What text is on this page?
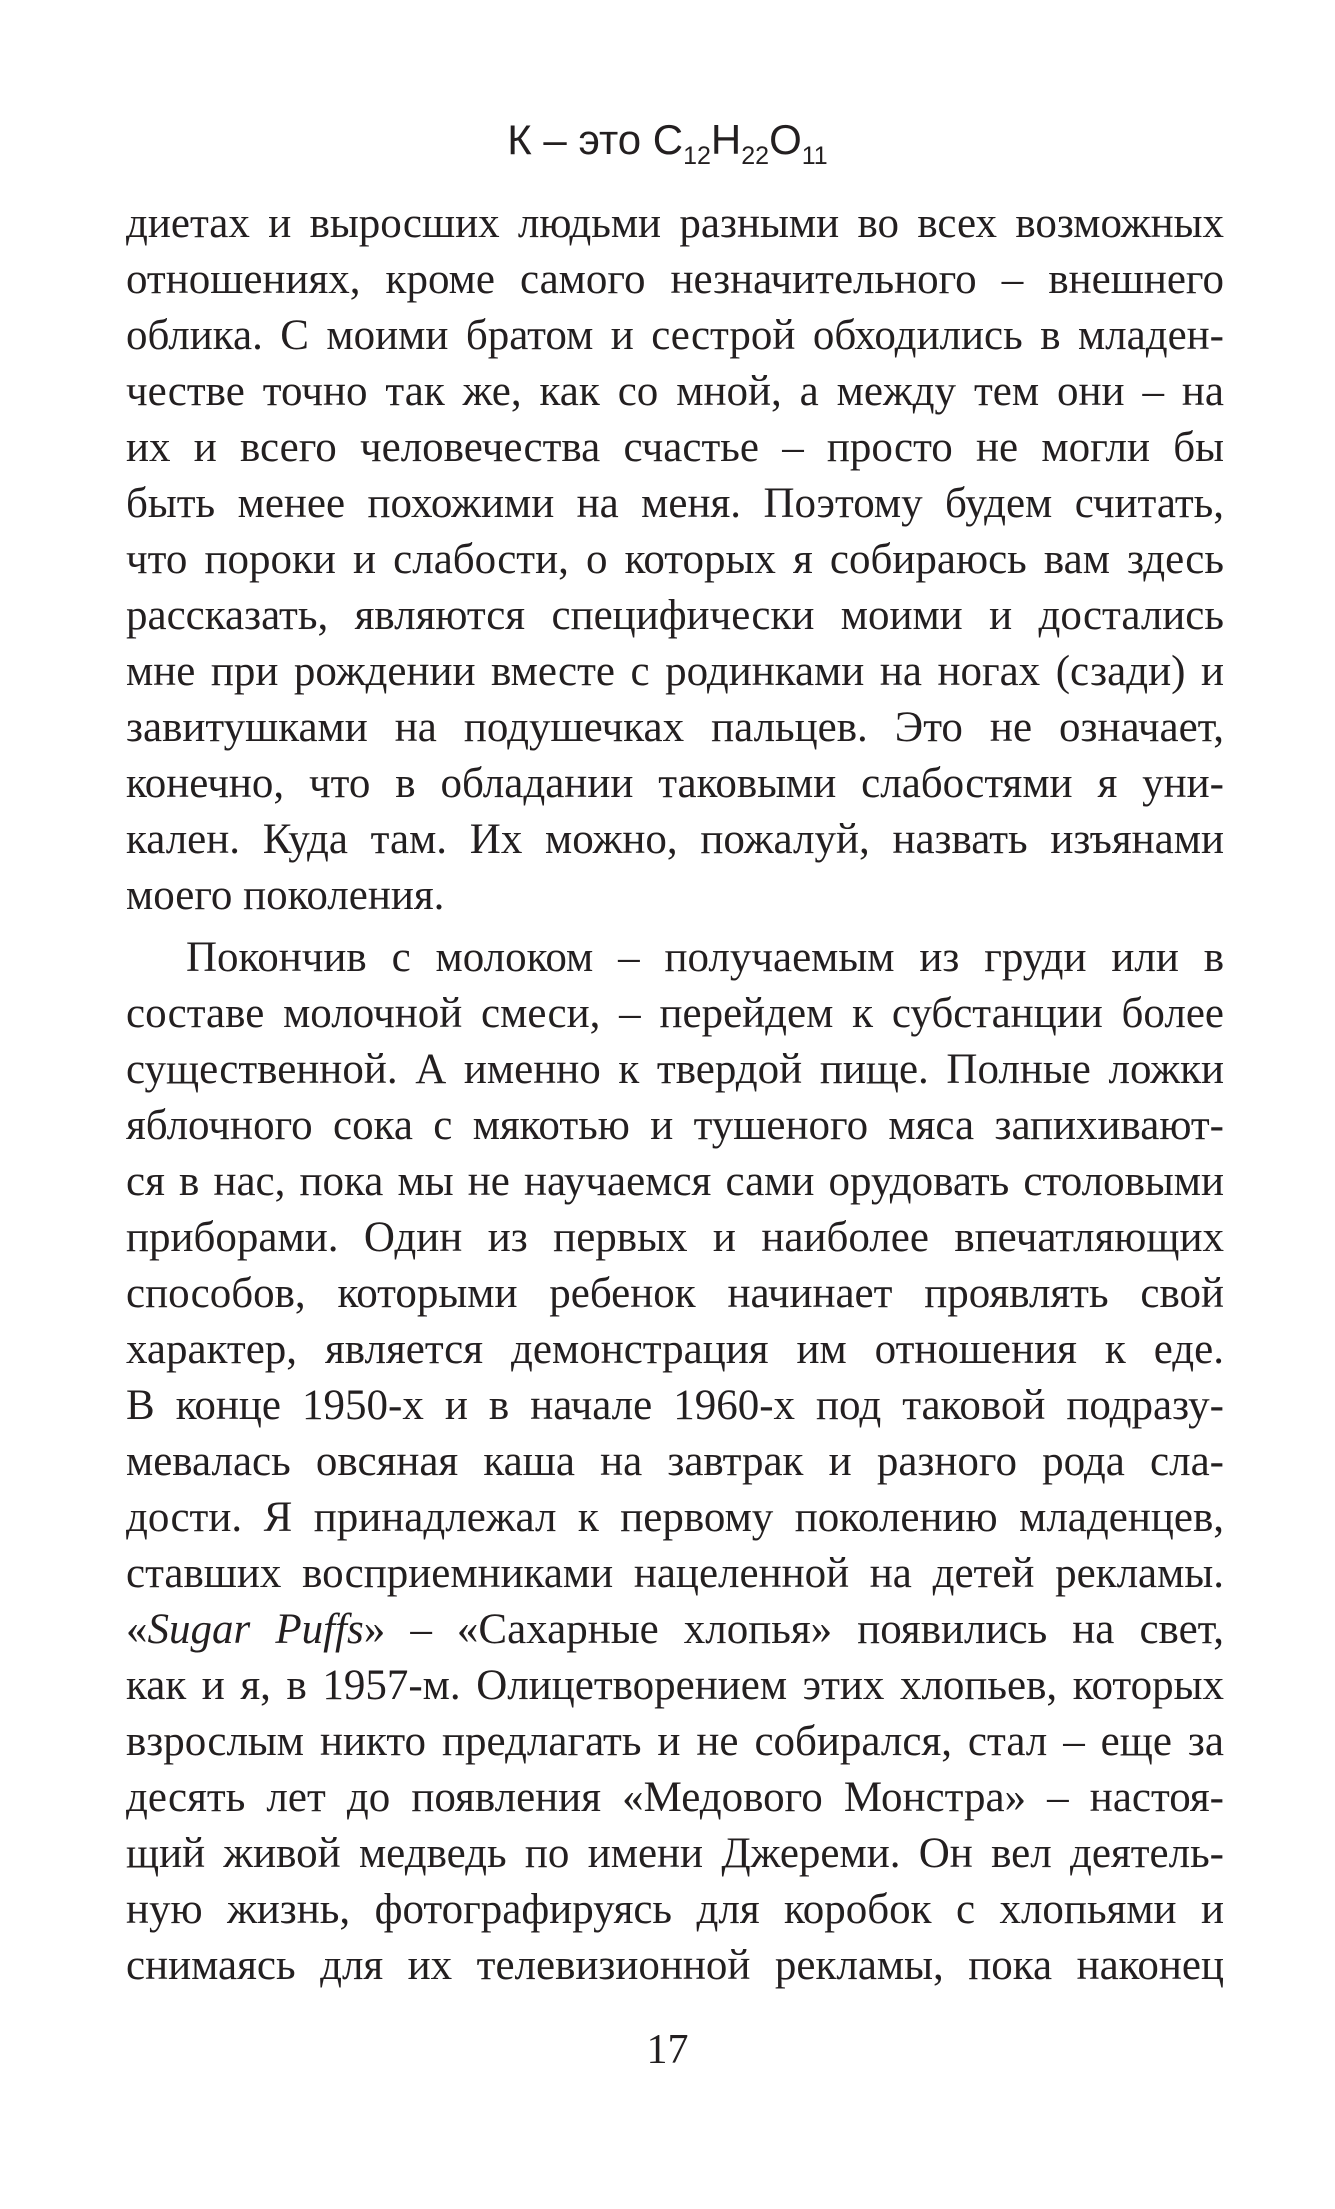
К – это $C_{12}H_{22}O_{11}$
диетах и выросших людьми разными во всех возможных
отношениях, кроме самого незначительного – внешнего
облика. С моими братом и сестрой обходились в младен-
честве точно так же, как со мной, а между тем они – на
их и всего человечества счастье – просто не могли бы
быть менее похожими на меня. Поэтому будем считать,
что пороки и слабости, о которых я собираюсь вам здесь
рассказать, являются специфически моими и достались
мне при рождении вместе с родинками на ногах (сзади) и
завитушками на подушечках пальцев. Это не означает,
конечно, что в обладании таковыми слабостями я уни-
кален. Куда там. Их можно, пожалуй, назвать изъянами
моего поколения.
Покончив с молоком – получаемым из груди или в
составе молочной смеси, – перейдем к субстанции более
существенной. А именно к твердой пище. Полные ложки
яблочного сока с мякотью и тушеного мяса запихивают-
ся в нас, пока мы не научаемся сами орудовать столовыми
приборами. Один из первых и наиболее впечатляющих
способов, которыми ребенок начинает проявлять свой
характер, является демонстрация им отношения к еде.
В конце 1950-х и в начале 1960-х под таковой подразу-
мевалась овсяная каша на завтрак и разного рода сла-
дости. Я принадлежал к первому поколению младенцев,
ставших восприемниками нацеленной на детей рекламы.
«Sugar Puffs» – «Сахарные хлопья» появились на свет,
как и я, в 1957-м. Олицетворением этих хлопьев, которых
взрослым никто предлагать и не собирался, стал – еще за
десять лет до появления «Медового Монстра» – настоя-
щий живой медведь по имени Джереми. Он вел деятель-
ную жизнь, фотографируясь для коробок с хлопьями и
снимаясь для их телевизионной рекламы, пока наконец
17
